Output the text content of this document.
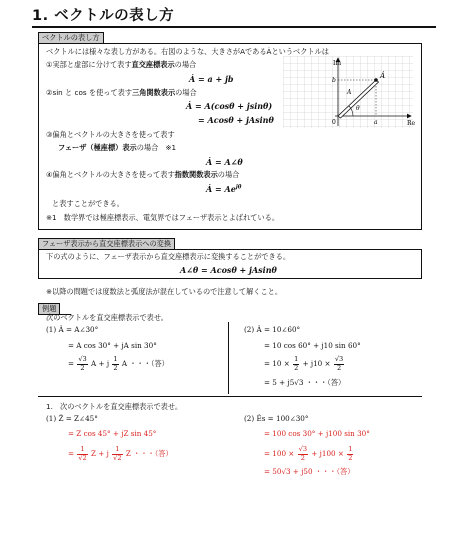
1. ベクトルの表し方
ベクトルの表し方
ベクトルには様々な表し方がある。右図のような、大きさがAであるȦというベクトルは
①実部と虚部に分けて表す直交座標表示の場合
Ȧ = a + jb
②sin と cos を使って表す三角関数表示の場合
Ȧ = A(cosθ + jsinθ)
= Acosθ + jAsinθ
③偏角とベクトルの大きさを使って表す
フェーザ（極座標）表示の場合　※1
Ȧ = A∠θ
④偏角とベクトルの大きさを使って表す指数関数表示の場合
Ȧ = $Ae^{j\theta}$
と表すことができる。
※1　数学界では極座標表示、電気界ではフェーザ表示とよばれている。
Im
Re
0	a
b
A
θ
Ȧ
フェーザ表示から直交座標表示への変換
下の式のように、フェーザ表示から直交座標表示に変換することができる。
A∠θ = Acosθ + jAsinθ
※以降の問題では度数法と弧度法が混在しているので注意して解くこと。
例題
次のベクトルを直交座標表示で表せ。
(1) Ȧ = A∠30°
= A cos 30° + jA sin 30°
= $\frac{√3}{2}$ A + j $\frac{1}{2}$ A ・・・（答）
(2) Ȧ = 10∠60°
= 10 cos 60° + j10 sin 60°
= $10 \times \frac{1}{2} + j10 \times \frac{√3}{2}$
= 5 + j5√3 ・・・（答）
1.　次のベクトルを直交座標表示で表せ。
(1) Ż = Z∠45°
= Z cos 45° + jZ sin 45°
= $\frac{1}{√2}$ Z + j $\frac{1}{√2}$ Z ・・・（答）
(2) Ės = 100∠30°
= 100 cos 30° + j100 sin 30°
= $100 \times \frac{√3}{2} + j100 \times \frac{1}{2}$
= 50√3 + j50 ・・・（答）
